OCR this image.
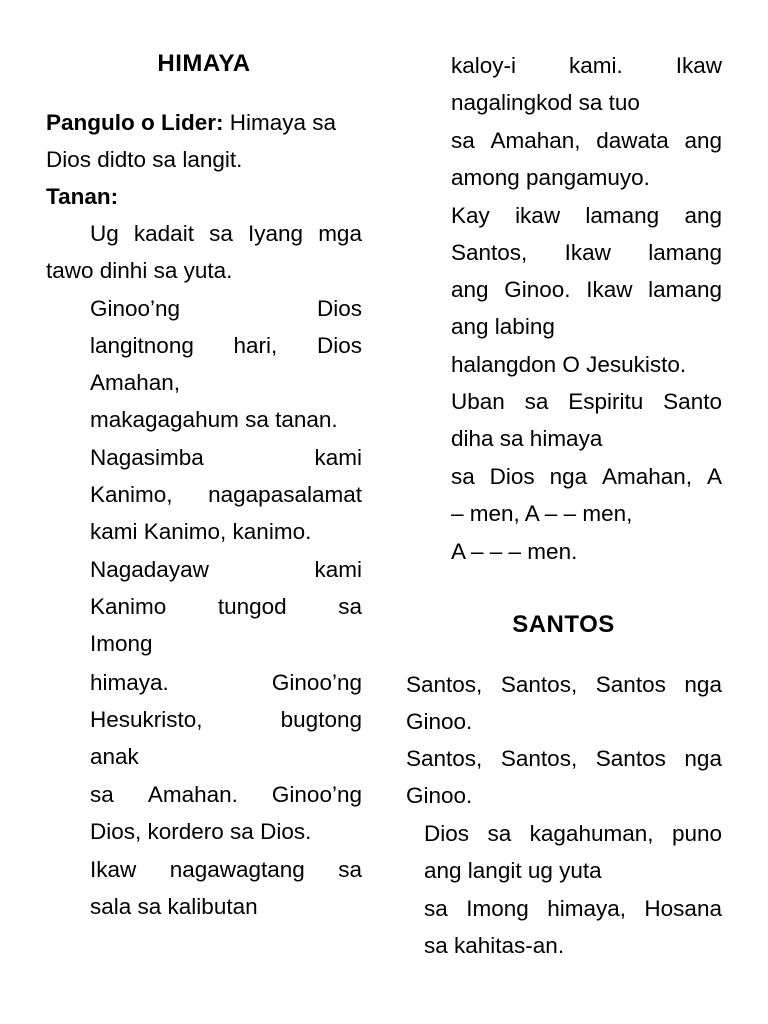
HIMAYA
Pangulo o Lider: Himaya sa
Dios didto sa langit.
Tanan:
Ug kadait sa Iyang mga
tawo dinhi sa yuta.
Ginoo’ng	Dios
langitnong hari, Dios
Amahan,
makagagahum sa tanan.
Nagasimba	kami
Kanimo, nagapasalamat
kami Kanimo, kanimo.
Nagadayaw	kami
Kanimo tungod sa
Imong
himaya.	Ginoo’ng
Hesukristo,	bugtong
anak
sa Amahan. Ginoo’ng
Dios, kordero sa Dios.
Ikaw nagawagtang sa
sala sa kalibutan
kaloy-i kami. Ikaw
nagalingkod sa tuo
sa Amahan, dawata ang
among pangamuyo.
Kay ikaw lamang ang
Santos, Ikaw lamang
ang Ginoo. Ikaw lamang
ang labing
halangdon O Jesukisto.
Uban sa Espiritu Santo
diha sa himaya
sa Dios nga Amahan, A
– men, A – – men,
A – – – men.
SANTOS
Santos, Santos, Santos nga
Ginoo.
Santos, Santos, Santos nga
Ginoo.
Dios sa kagahuman, puno
ang langit ug yuta
sa Imong himaya, Hosana
sa kahitas-an.
